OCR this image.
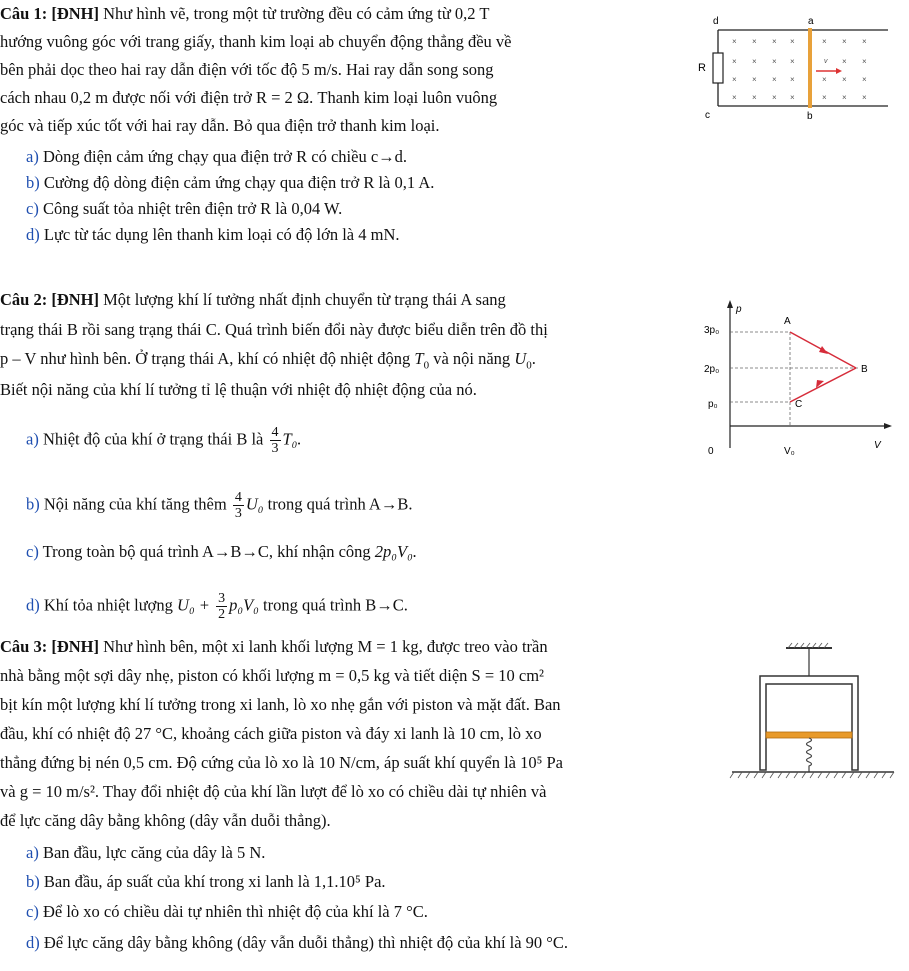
Câu 1: [ĐNH] Như hình vẽ, trong một từ trường đều có cảm ứng từ 0,2 T
hướng vuông góc với trang giấy, thanh kim loại ab chuyển động thẳng đều về
bên phải dọc theo hai ray dẫn điện với tốc độ 5 m/s. Hai ray dẫn song song
cách nhau 0,2 m được nối với điện trở R = 2 Ω. Thanh kim loại luôn vuông
góc và tiếp xúc tốt với hai ray dẫn. Bỏ qua điện trở thanh kim loại.
a) Dòng điện cảm ứng chạy qua điện trở R có chiều c→d.
b) Cường độ dòng điện cảm ứng chạy qua điện trở R là 0,1 A.
c) Công suất tỏa nhiệt trên điện trở R là 0,04 W.
d) Lực từ tác dụng lên thanh kim loại có độ lớn là 4 mN.
d	a
R
× × × ×	× × ×
× × × ×	× ×
× × × ×	× × ×
× × × ×	× × ×
v
c	b
Câu 2: [ĐNH] Một lượng khí lí tưởng nhất định chuyển từ trạng thái A sang
trạng thái B rồi sang trạng thái C. Quá trình biến đổi này được biểu diễn trên đồ thị
p – V như hình bên. Ở trạng thái A, khí có nhiệt độ nhiệt động $T_0$ và nội năng $U_0$.
Biết nội năng của khí lí tưởng tỉ lệ thuận với nhiệt độ nhiệt động của nó.
a) Nhiệt độ của khí ở trạng thái B là $\frac{4}{3} T_0$.
b) Nội năng của khí tăng thêm $\frac{4}{3} U_0$ trong quá trình A→B.
c) Trong toàn bộ quá trình A→B→C, khí nhận công 2p₀V₀.
d) Khí tỏa nhiệt lượng $U_0 + \frac{3}{2} p_0V_0$ trong quá trình B→C.
p
V
0
3p₀
2p₀
p₀
V₀
A
B
C
Câu 3: [ĐNH] Như hình bên, một xi lanh khối lượng M = 1 kg, được treo vào trần
nhà bằng một sợi dây nhẹ, piston có khối lượng m = 0,5 kg và tiết diện S = 10 cm²
bịt kín một lượng khí lí tưởng trong xi lanh, lò xo nhẹ gắn với piston và mặt đất. Ban
đầu, khí có nhiệt độ 27 °C, khoảng cách giữa piston và đáy xi lanh là 10 cm, lò xo
thẳng đứng bị nén 0,5 cm. Độ cứng của lò xo là 10 N/cm, áp suất khí quyển là 10⁵ Pa
và g = 10 m/s². Thay đổi nhiệt độ của khí lần lượt để lò xo có chiều dài tự nhiên và
để lực căng dây bằng không (dây vẫn duỗi thẳng).
a) Ban đầu, lực căng của dây là 5 N.
b) Ban đầu, áp suất của khí trong xi lanh là 1,1.10⁵ Pa.
c) Để lò xo có chiều dài tự nhiên thì nhiệt độ của khí là 7 °C.
d) Để lực căng dây bằng không (dây vẫn duỗi thẳng) thì nhiệt độ của khí là 90 °C.
